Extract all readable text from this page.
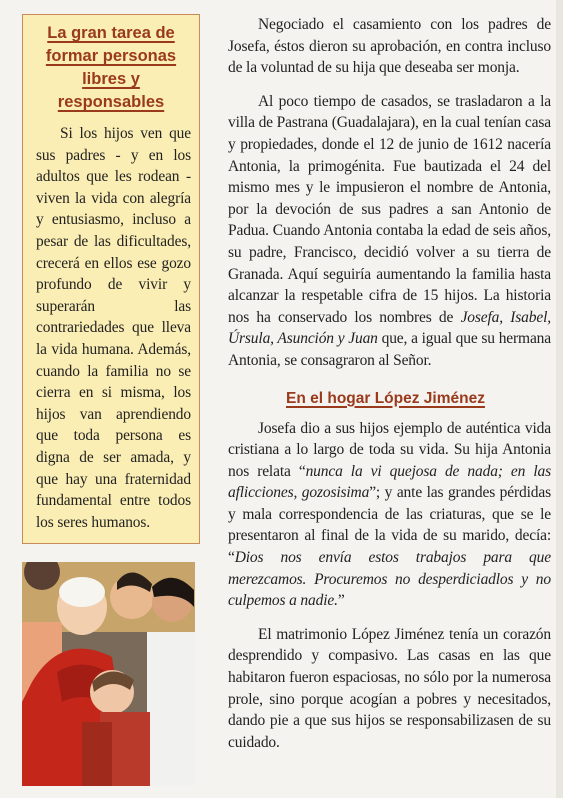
La gran tarea de formar personas libres y responsables
Si los hijos ven que sus padres - y en los adultos que les rodean -viven la vida con alegría y entusiasmo, incluso a pesar de las dificultades, crecerá en ellos ese gozo profundo de vivir y superarán las contrariedades que lleva la vida humana. Además, cuando la familia no se cierra en si misma, los hijos van aprendiendo que toda persona es digna de ser amada, y que hay una fraternidad fundamental entre todos los seres humanos.

Negociado el casamiento con los padres de Josefa, éstos dieron su aprobación, en contra incluso de la voluntad de su hija que deseaba ser monja.

Al poco tiempo de casados, se trasladaron a la villa de Pastrana (Guadalajara), en la cual tenían casa y propiedades, donde el 12 de junio de 1612 nacería Antonia, la primogénita. Fue bautizada el 24 del mismo mes y le impusieron el nombre de Antonia, por la devoción de sus padres a san Antonio de Padua. Cuando Antonia contaba la edad de seis años, su padre, Francisco, decidió volver a su tierra de Granada. Aquí seguiría aumentando la familia hasta alcanzar la respetable cifra de 15 hijos. La historia nos ha conservado los nombres de Josefa, Isabel, Úrsula, Asunción y Juan que, a igual que su hermana Antonia, se consagraron al Señor.

En el hogar López Jiménez

Josefa dio a sus hijos ejemplo de auténtica vida cristiana a lo largo de toda su vida. Su hija Antonia nos relata “nunca la vi quejosa de nada; en las aflicciones, gozosisima”; y ante las grandes pérdidas y mala correspondencia de las criaturas, que se le presentaron al final de la vida de su marido, decía: “Dios nos envía estos trabajos para que merezcamos. Procuremos no desperdiciadlos y no culpemos a nadie.”

El matrimonio López Jiménez tenía un corazón desprendido y compasivo. Las casas en las que habitaron fueron espaciosas, no sólo por la numerosa prole, sino porque acogían a pobres y necesitados, dando pie a que sus hijos se responsabilizasen de su cuidado.
